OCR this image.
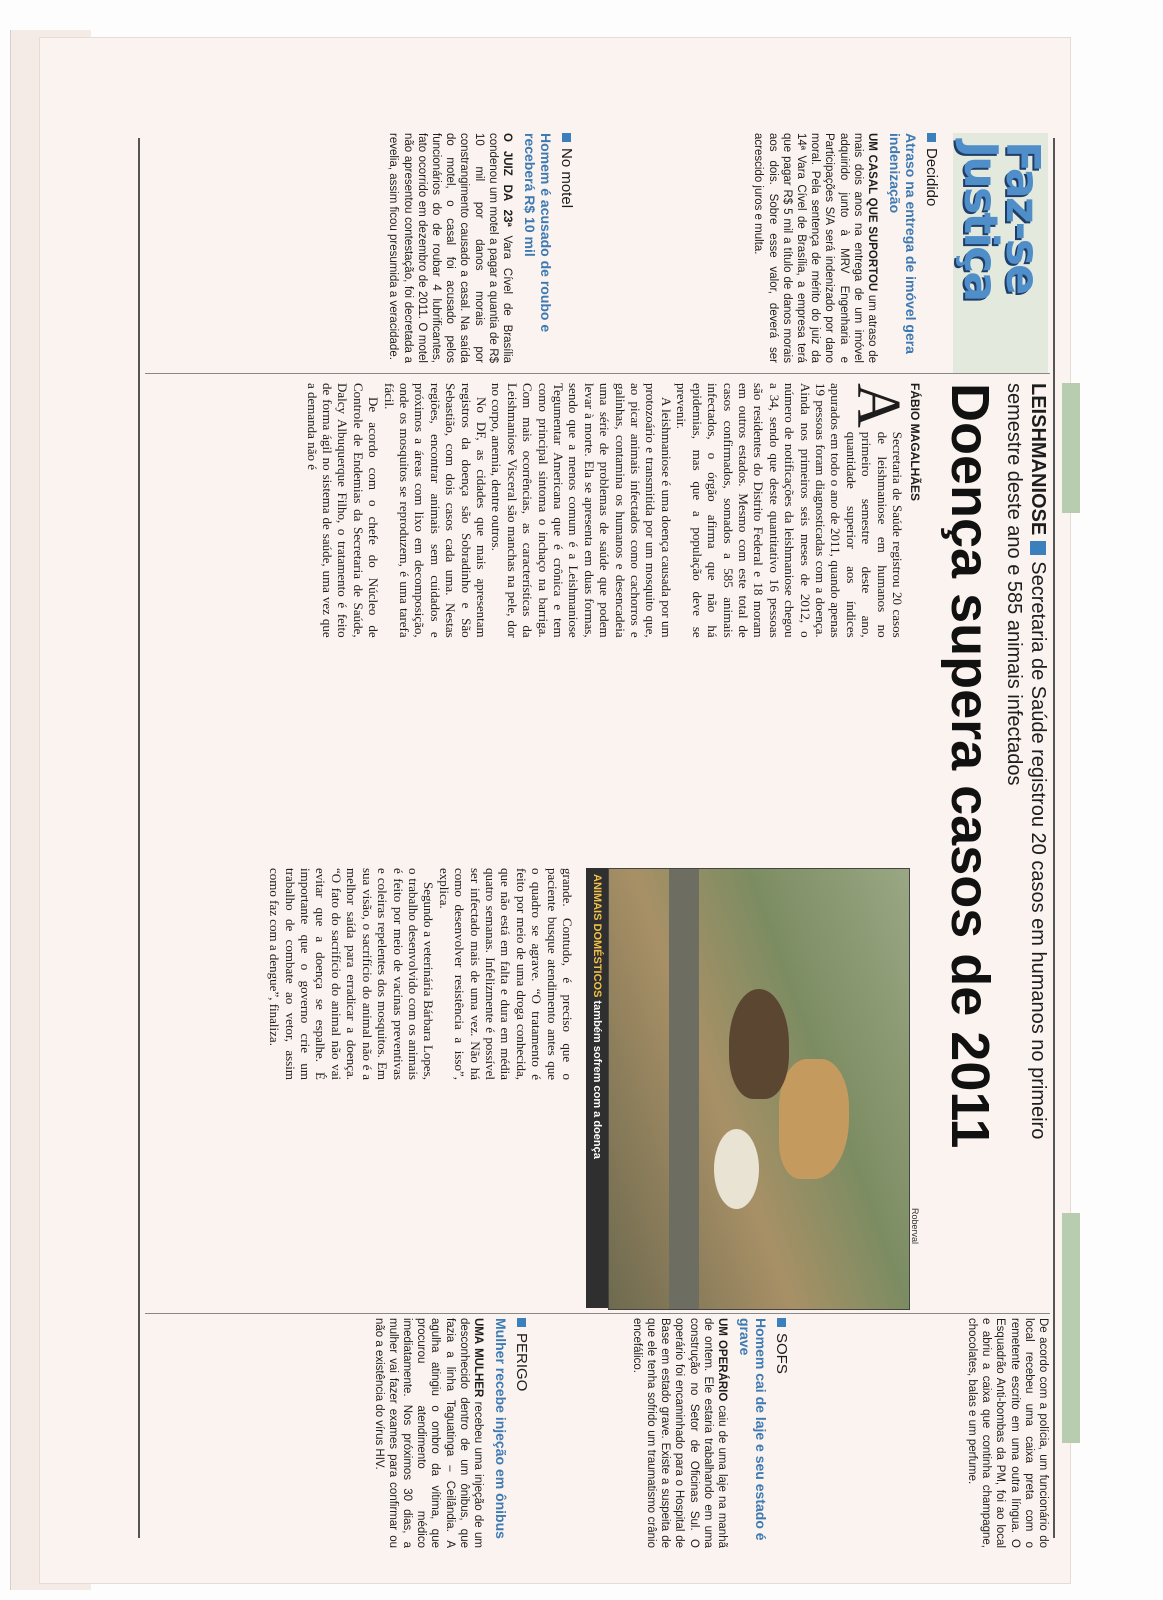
Faz-se Justiça
Decidido
Atraso na entrega de imóvel gera indenização

UM CASAL QUE SUPORTOU um atraso de mais dois anos na entrega de um imóvel adquirido junto à MRV Engenharia e Participações S/A será indenizado por dano moral. Pela sentença de mérito do juiz da 14ª Vara Cível de Brasília, a empresa terá que pagar R$ 5 mil a título de danos morais aos dois. Sobre esse valor, deverá ser acrescido juros e multa.

No motel
Homem é acusado de roubo e receberá R$ 10 mil

O JUIZ DA 23ª Vara Cível de Brasília condenou um motel a pagar a quantia de R$ 10 mil por danos morais por constrangimento causado a casal. Na saída do motel, o casal foi acusado pelos funcionários do de roubar 4 lubrificantes, fato ocorrido em dezembro de 2011. O motel não apresentou contestação, foi decretada a revelia, assim ficou presumida a veracidade.

LEISHMANIOSESecretaria de Saúde registrou 20 casos em humanos no primeiro semestre deste ano e 585 animais infectados
Doença supera casos de 2011
FÁBIO MAGALHÃES

A
Secretaria de Saúde registrou 20 casos de leishmaniose em humanos no primeiro semestre deste ano, quantidade superior aos índices apurados em todo o ano de 2011, quando apenas 19 pessoas foram diagnosticadas com a doença. Ainda nos primeiros seis meses de 2012, o número de notificações da leishmaniose chegou a 34, sendo que deste quantitativo 16 pessoas são residentes do Distrito Federal e 18 moram em outros estados. Mesmo com este total de casos confirmados, somados a 585 animais infectados, o órgão afirma que não há epidemias, mas que a população deve se prevenir.

A leishmaniose é uma doença causada por um protozoário e transmitida por um mosquito que, ao picar animais infectados como cachorros e galinhas, contamina os humanos e desencadeia uma série de problemas de saúde que podem levar à morte. Ela se apresenta em duas formas, sendo que a menos comum é a Leishmaniose Tegumentar Americana que é crônica e tem como principal sintoma o inchaço na barriga. Com mais ocorrências, as características da Leishmaniose Visceral são manchas na pele, dor no corpo, anemia, dentre outros.

No DF, as cidades que mais apresentam registros da doença são Sobradinho e São Sebastião, com dois casos cada uma. Nestas regiões, encontrar animais sem cuidados e próximos a áreas com lixo em decomposição, onde os mosquitos se reproduzem, é uma tarefa fácil.

De acordo com o chefe do Núcleo de Controle de Endemias da Secretaria de Saúde, Dalcy Albuquerque Filho, o tratamento é feito de forma ágil no sistema de saúde, uma vez que a demanda não é

Roberval
ANIMAIS DOMÉSTICOS também sofrem com a doença

grande. Contudo, é preciso que o paciente busque atendimento antes que o quadro se agrave. “O tratamento é feito por meio de uma droga conhecida, que não está em falta e dura em média quatro semanas. Infelizmente é possível ser infectado mais de uma vez. Não há como desenvolver resistência a isso”, explica.

Segundo a veterinária Bárbara Lopes, o trabalho desenvolvido com os animais é feito por meio de vacinas preventivas e coleiras repelentes dos mosquitos. Em sua visão, o sacrifício do animal não é a melhor saída para erradicar a doença. “O fato do sacrifício do animal não vai evitar que a doença se espalhe. É importante que o governo crie um trabalho de combate ao vetor, assim como faz com a dengue”, finaliza.

De acordo com a polícia, um funcionário do local recebeu uma caixa preta com o remetente escrito em uma outra língua. O Esquadrão Anti-bombas da PM, foi ao local e abriu a caixa que continha champagne, chocolates, balas e um perfume.

SOFS
Homem cai de laje e seu estado é grave

UM OPERÁRIO caiu de uma laje na manhã de ontem. Ele estaria trabalhando em uma construção no Setor de Oficinas Sul. O operário foi encaminhado para o Hospital de Base em estado grave. Existe a suspeita de que ele tenha sofrido um traumatismo crânio encefálico.

PERIGO
Mulher recebe injeção em ônibus

UMA MULHER recebeu uma injeção de um desconhecido dentro de um ônibus, que fazia a linha Taguatinga – Ceilândia. A agulha atingiu o ombro da vítima, que procurou atendimento médico imediatamente. Nos próximos 30 dias, a mulher vai fazer exames para confirmar ou não a existência do vírus HIV.
